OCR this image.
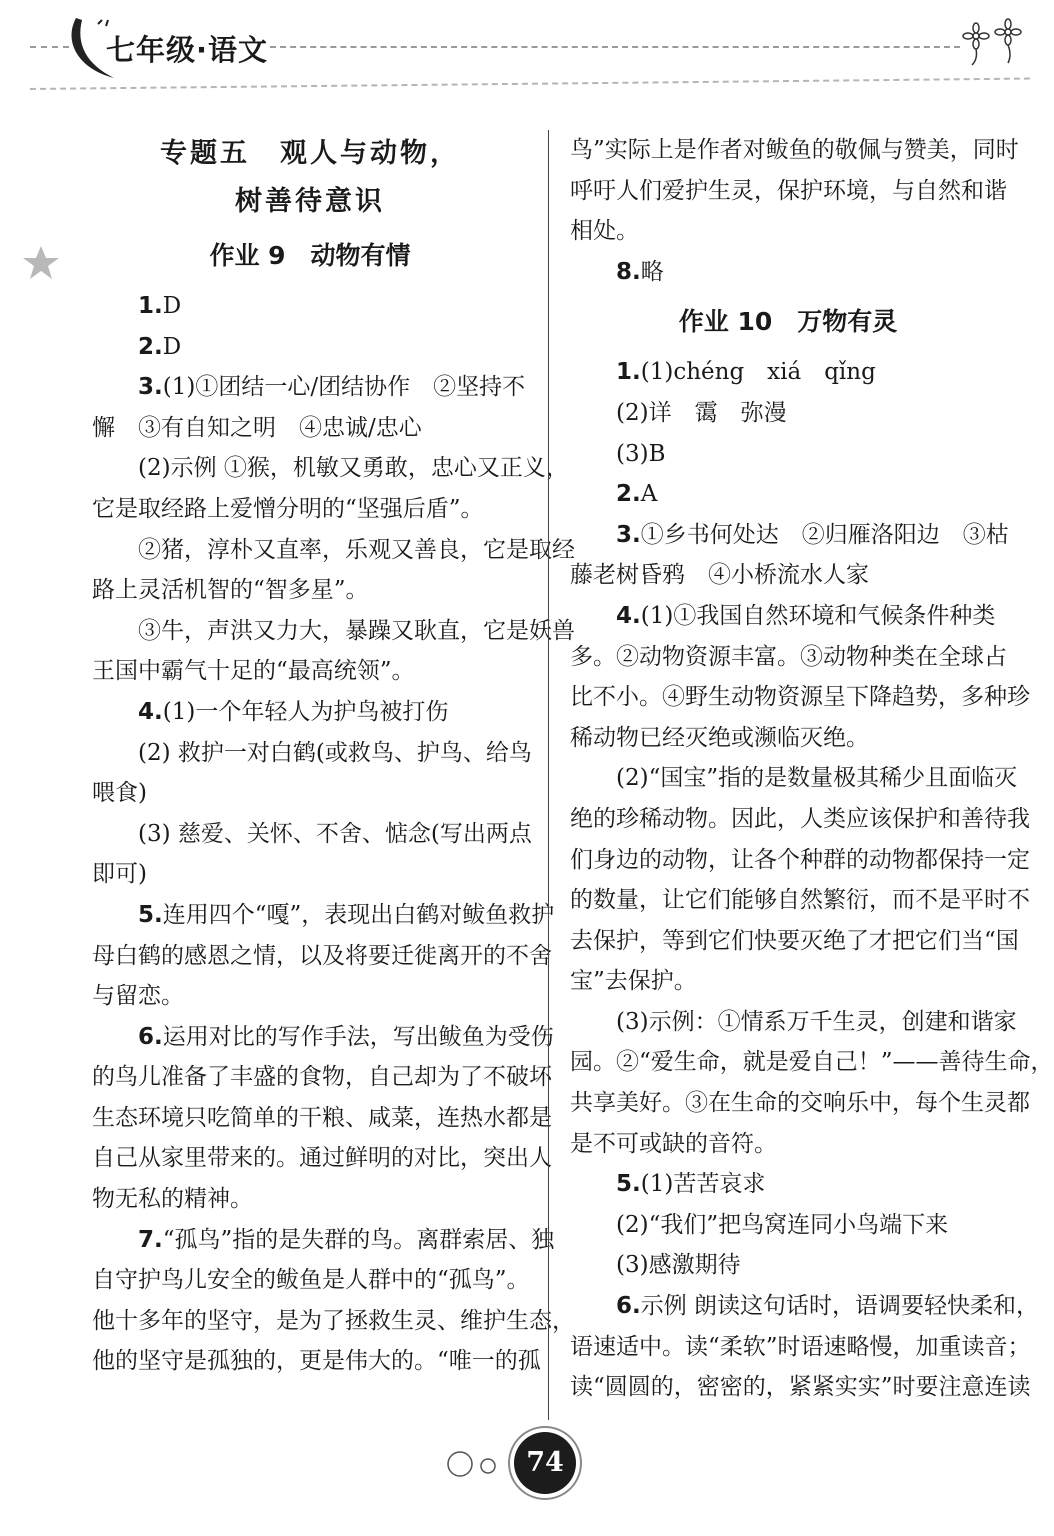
七年级·语文
专题五　观人与动物，
树善待意识
作业 9　动物有情
1.D
2.D
3.(1)①团结一心/团结协作　②坚持不
懈　③有自知之明　④忠诚/忠心
(2)示例 ①猴，机敏又勇敢，忠心又正义，
它是取经路上爱憎分明的“坚强后盾”。
②猪，淳朴又直率，乐观又善良，它是取经
路上灵活机智的“智多星”。
③牛，声洪又力大，暴躁又耿直，它是妖兽
王国中霸气十足的“最高统领”。
4.(1)一个年轻人为护鸟被打伤
(2) 救护一对白鹤(或救鸟、护鸟、给鸟
喂食)
(3) 慈爱、关怀、不舍、惦念(写出两点
即可)
5.连用四个“嘎”，表现出白鹤对鲅鱼救护
母白鹤的感恩之情，以及将要迁徙离开的不舍
与留恋。
6.运用对比的写作手法，写出鲅鱼为受伤
的鸟儿准备了丰盛的食物，自己却为了不破坏
生态环境只吃简单的干粮、咸菜，连热水都是
自己从家里带来的。通过鲜明的对比，突出人
物无私的精神。
7.“孤鸟”指的是失群的鸟。离群索居、独
自守护鸟儿安全的鲅鱼是人群中的“孤鸟”。
他十多年的坚守，是为了拯救生灵、维护生态，
他的坚守是孤独的，更是伟大的。“唯一的孤
鸟”实际上是作者对鲅鱼的敬佩与赞美，同时
呼吁人们爱护生灵，保护环境，与自然和谐
相处。
8.略
作业 10　万物有灵
1.(1)chéng　xiá　qǐng
(2)详　霭　弥漫
(3)B
2.A
3.①乡书何处达　②归雁洛阳边　③枯
藤老树昏鸦　④小桥流水人家
4.(1)①我国自然环境和气候条件种类
多。②动物资源丰富。③动物种类在全球占
比不小。④野生动物资源呈下降趋势，多种珍
稀动物已经灭绝或濒临灭绝。
(2)“国宝”指的是数量极其稀少且面临灭
绝的珍稀动物。因此，人类应该保护和善待我
们身边的动物，让各个种群的动物都保持一定
的数量，让它们能够自然繁衍，而不是平时不
去保护，等到它们快要灭绝了才把它们当“国
宝”去保护。
(3)示例：①情系万千生灵，创建和谐家
园。②“爱生命，就是爱自己！”——善待生命，
共享美好。③在生命的交响乐中，每个生灵都
是不可或缺的音符。
5.(1)苦苦哀求
(2)“我们”把鸟窝连同小鸟端下来
(3)感激期待
6.示例 朗读这句话时，语调要轻快柔和，
语速适中。读“柔软”时语速略慢，加重读音；
读“圆圆的，密密的，紧紧实实”时要注意连读
74
